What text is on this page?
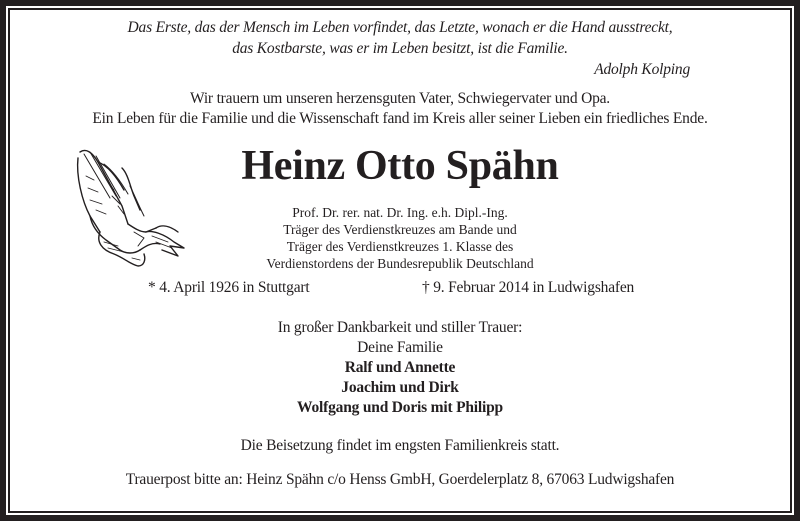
Das Erste, das der Mensch im Leben vorfindet, das Letzte, wonach er die Hand ausstreckt,
das Kostbarste, was er im Leben besitzt, ist die Familie.
Adolph Kolping
Wir trauern um unseren herzensguten Vater, Schwiegervater und Opa.
Ein Leben für die Familie und die Wissenschaft fand im Kreis aller seiner Lieben ein friedliches Ende.
Heinz Otto Spähn
Prof. Dr. rer. nat. Dr. Ing. e.h. Dipl.-Ing.
Träger des Verdienstkreuzes am Bande und
Träger des Verdienstkreuzes 1. Klasse des
Verdienstordens der Bundesrepublik Deutschland
* 4. April 1926 in Stuttgart	† 9. Februar 2014 in Ludwigshafen
In großer Dankbarkeit und stiller Trauer:
Deine Familie
Ralf und Annette
Joachim und Dirk
Wolfgang und Doris mit Philipp
Die Beisetzung findet im engsten Familienkreis statt.
Trauerpost bitte an: Heinz Spähn c/o Henss GmbH, Goerdelerplatz 8, 67063 Ludwigshafen
